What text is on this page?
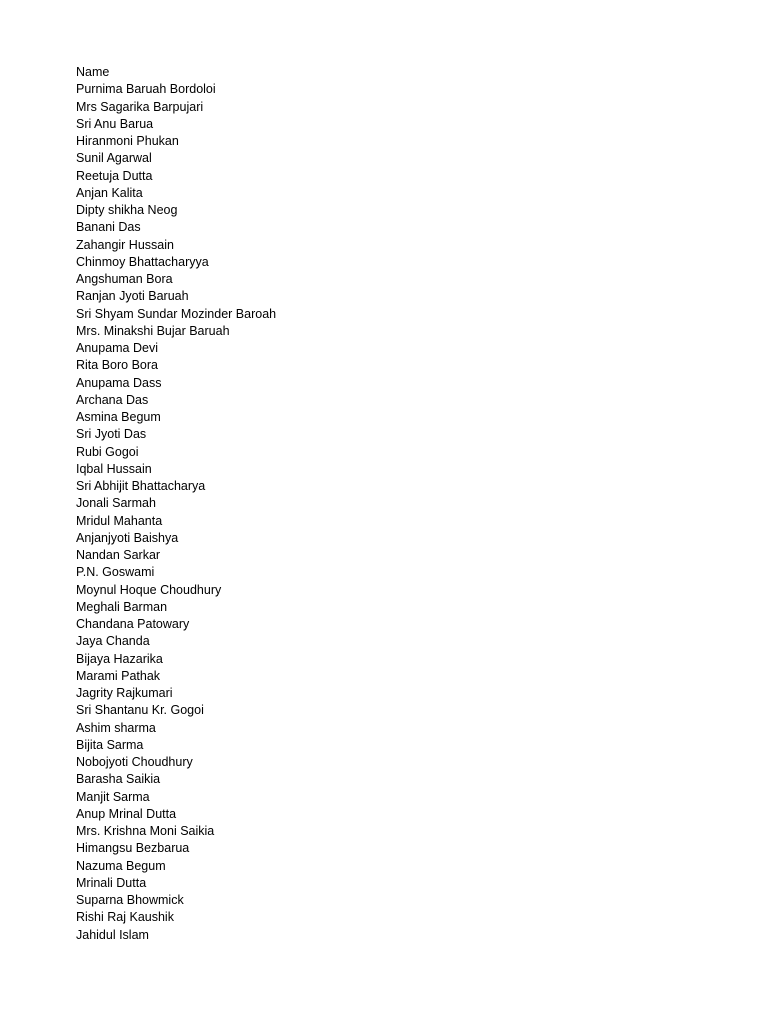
Name
Purnima Baruah Bordoloi
Mrs Sagarika Barpujari
Sri Anu Barua
Hiranmoni Phukan
Sunil Agarwal
Reetuja Dutta
Anjan Kalita
Dipty shikha Neog
Banani Das
Zahangir Hussain
Chinmoy Bhattacharyya
Angshuman Bora
Ranjan Jyoti Baruah
Sri Shyam Sundar Mozinder Baroah
Mrs. Minakshi Bujar Baruah
Anupama Devi
Rita Boro Bora
Anupama Dass
Archana Das
Asmina Begum
Sri Jyoti Das
Rubi Gogoi
Iqbal Hussain
Sri Abhijit Bhattacharya
Jonali Sarmah
Mridul Mahanta
Anjanjyoti Baishya
Nandan Sarkar
P.N. Goswami
Moynul Hoque Choudhury
Meghali Barman
Chandana Patowary
Jaya Chanda
Bijaya Hazarika
Marami Pathak
Jagrity Rajkumari
Sri Shantanu Kr. Gogoi
Ashim sharma
Bijita Sarma
Nobojyoti Choudhury
Barasha Saikia
Manjit Sarma
Anup Mrinal Dutta
Mrs. Krishna Moni Saikia
Himangsu Bezbarua
Nazuma Begum
Mrinali Dutta
Suparna Bhowmick
Rishi Raj Kaushik
Jahidul Islam
